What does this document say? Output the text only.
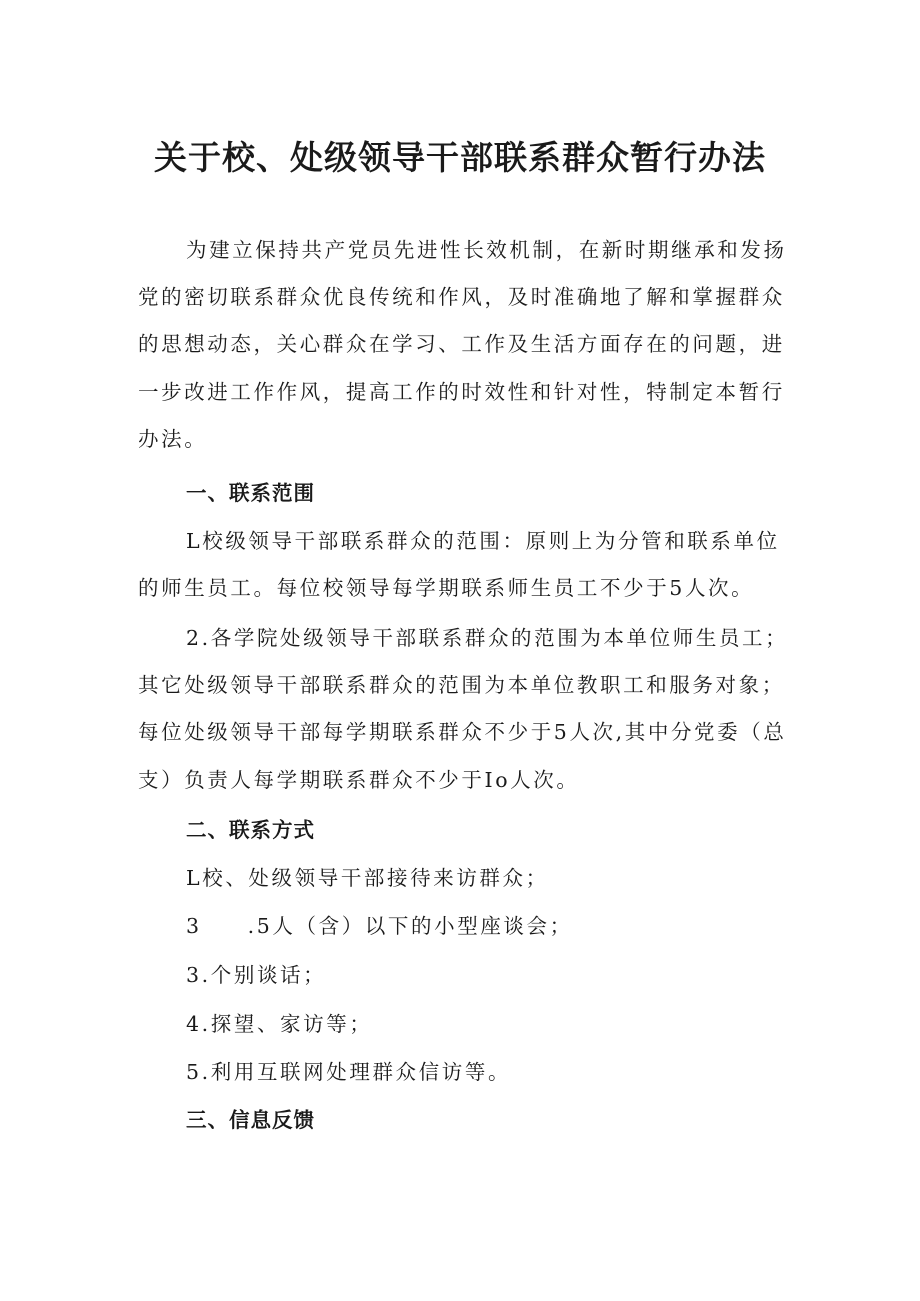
关于校、处级领导干部联系群众暂行办法
为建立保持共产党员先进性长效机制，在新时期继承和发扬
党的密切联系群众优良传统和作风，及时准确地了解和掌握群众
的思想动态，关心群众在学习、工作及生活方面存在的问题，进
一步改进工作作风，提高工作的时效性和针对性，特制定本暂行
办法。
一、联系范围
L校级领导干部联系群众的范围：原则上为分管和联系单位
的师生员工。每位校领导每学期联系师生员工不少于5人次。
2.各学院处级领导干部联系群众的范围为本单位师生员工；
其它处级领导干部联系群众的范围为本单位教职工和服务对象；
每位处级领导干部每学期联系群众不少于5人次,其中分党委（总
支）负责人每学期联系群众不少于Io人次。
二、联系方式
L校、处级领导干部接待来访群众；
3 .5人（含）以下的小型座谈会；
3.个别谈话；
4.探望、家访等；
5.利用互联网处理群众信访等。
三、信息反馈
